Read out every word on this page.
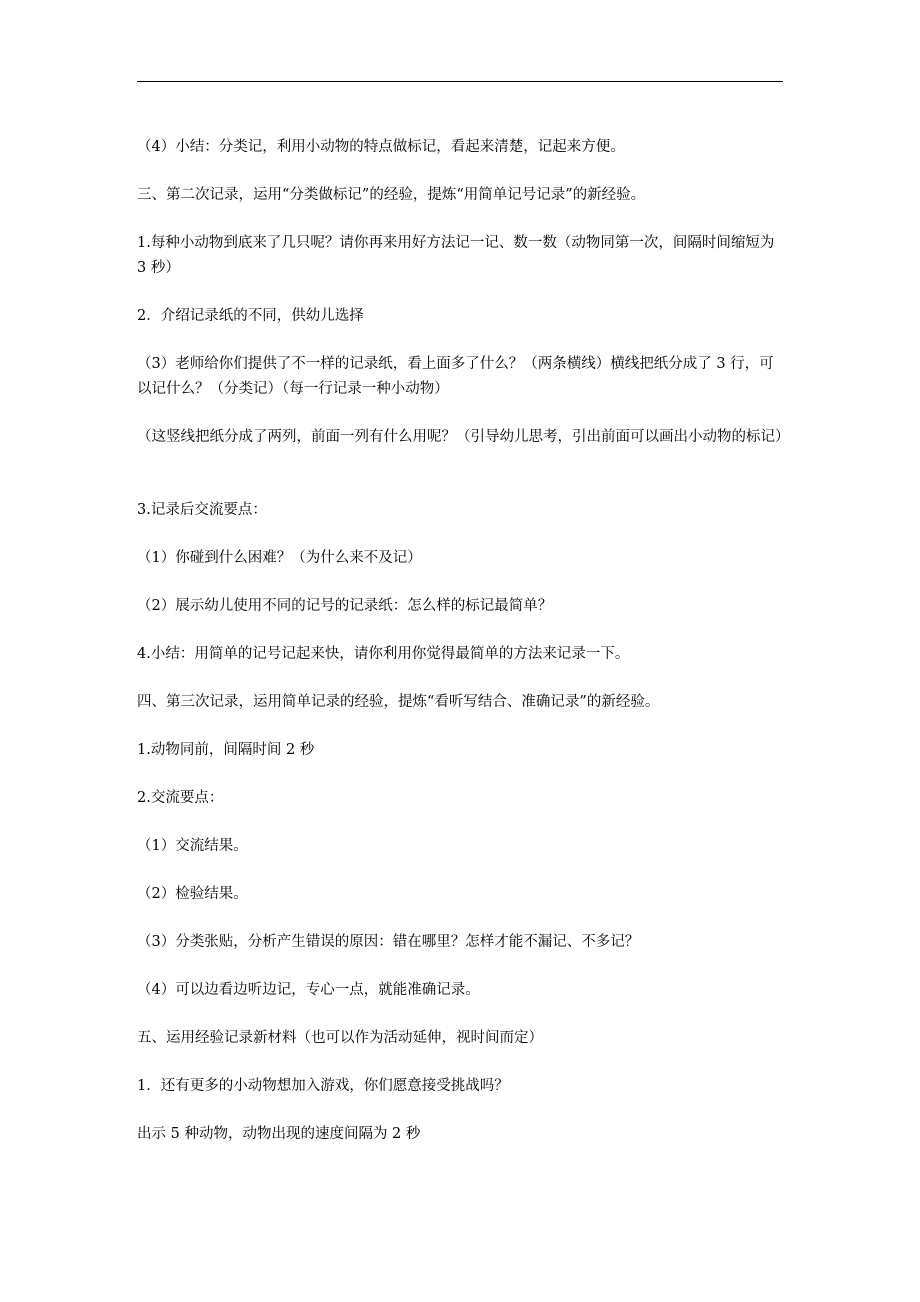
（4）小结：分类记，利用小动物的特点做标记，看起来清楚，记起来方便。
三、第二次记录，运用“分类做标记”的经验，提炼“用简单记号记录”的新经验。
1.每种小动物到底来了几只呢？请你再来用好方法记一记、数一数（动物同第一次，间隔时间缩短为 3 秒）
2．介绍记录纸的不同，供幼儿选择
（3）老师给你们提供了不一样的记录纸，看上面多了什么？（两条横线）横线把纸分成了 3 行，可以记什么？（分类记）（每一行记录一种小动物）
（这竖线把纸分成了两列，前面一列有什么用呢？（引导幼儿思考，引出前面可以画出小动物的标记）
3.记录后交流要点：
（1）你碰到什么困难？（为什么来不及记）
（2）展示幼儿使用不同的记号的记录纸：怎么样的标记最简单？
4.小结：用简单的记号记起来快，请你利用你觉得最简单的方法来记录一下。
四、第三次记录，运用简单记录的经验，提炼“看听写结合、准确记录”的新经验。
1.动物同前，间隔时间 2 秒
2.交流要点：
（1）交流结果。
（2）检验结果。
（3）分类张贴，分析产生错误的原因：错在哪里？怎样才能不漏记、不多记？
（4）可以边看边听边记，专心一点，就能准确记录。
五、运用经验记录新材料（也可以作为活动延伸，视时间而定）
1．还有更多的小动物想加入游戏，你们愿意接受挑战吗？
出示 5 种动物，动物出现的速度间隔为 2 秒
